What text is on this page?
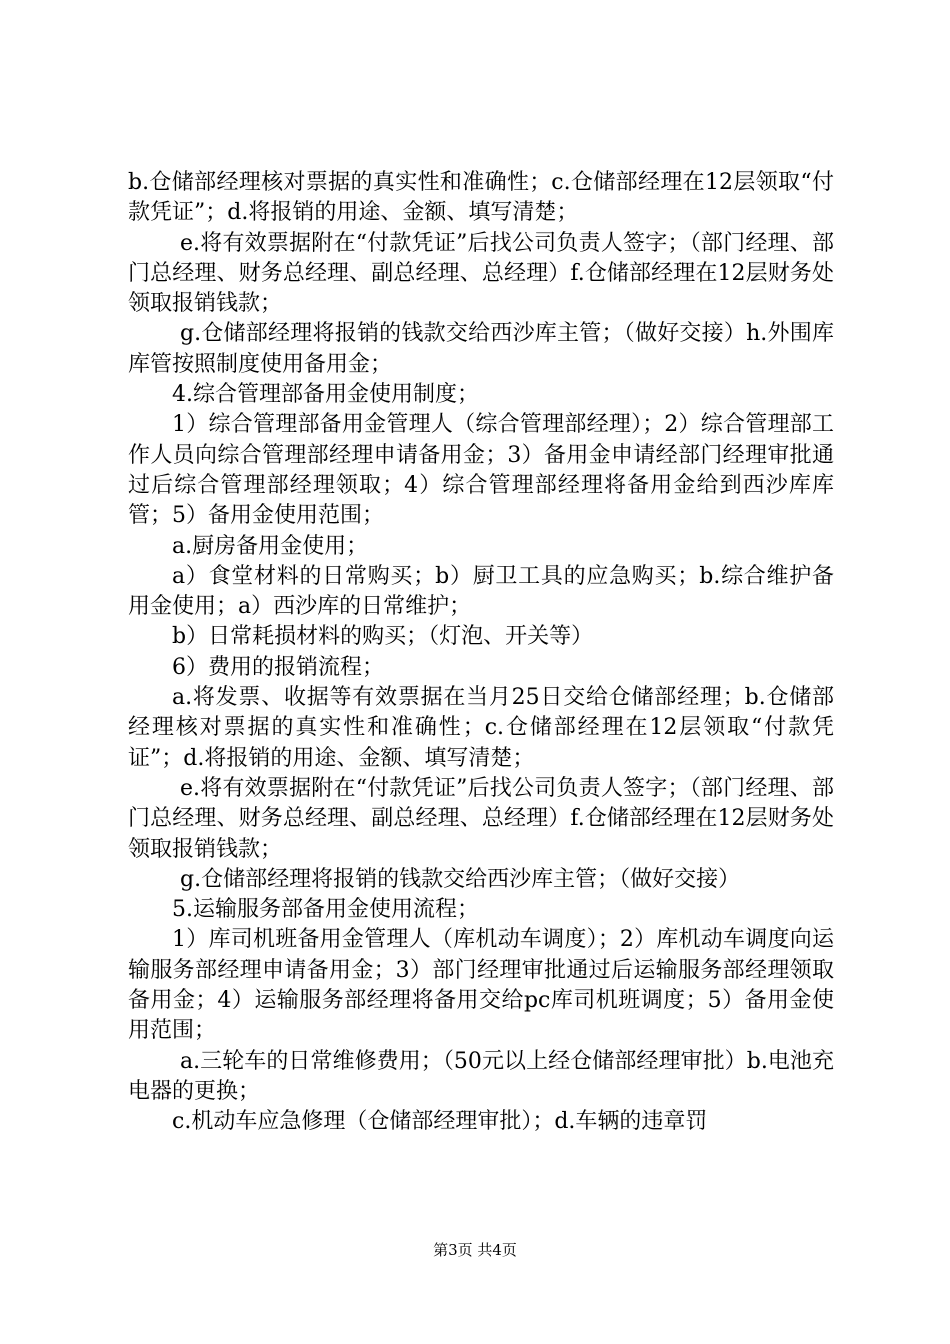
b.仓储部经理核对票据的真实性和准确性；c.仓储部经理在12层领取“付款凭证”；d.将报销的用途、金额、填写清楚；

e.将有效票据附在“付款凭证”后找公司负责人签字；（部门经理、部门总经理、财务总经理、副总经理、总经理）f.仓储部经理在12层财务处领取报销钱款；

g.仓储部经理将报销的钱款交给西沙库主管；（做好交接）h.外围库库管按照制度使用备用金；

4.综合管理部备用金使用制度；

1）综合管理部备用金管理人（综合管理部经理）；2）综合管理部工作人员向综合管理部经理申请备用金；3）备用金申请经部门经理审批通过后综合管理部经理领取；4）综合管理部经理将备用金给到西沙库库管；5）备用金使用范围；

a.厨房备用金使用；

a）食堂材料的日常购买；b）厨卫工具的应急购买；b.综合维护备用金使用；a）西沙库的日常维护；

b）日常耗损材料的购买；（灯泡、开关等）

6）费用的报销流程；

a.将发票、收据等有效票据在当月25日交给仓储部经理；b.仓储部经理核对票据的真实性和准确性；c.仓储部经理在12层领取“付款凭证”；d.将报销的用途、金额、填写清楚；

e.将有效票据附在“付款凭证”后找公司负责人签字；（部门经理、部门总经理、财务总经理、副总经理、总经理）f.仓储部经理在12层财务处领取报销钱款；

g.仓储部经理将报销的钱款交给西沙库主管；（做好交接）

5.运输服务部备用金使用流程；

1）库司机班备用金管理人（库机动车调度）；2）库机动车调度向运输服务部经理申请备用金；3）部门经理审批通过后运输服务部经理领取备用金；4）运输服务部经理将备用交给pc库司机班调度；5）备用金使用范围；

a.三轮车的日常维修费用；（50元以上经仓储部经理审批）b.电池充电器的更换；

c.机动车应急修理（仓储部经理审批）；d.车辆的违章罚

第3页 共4页
